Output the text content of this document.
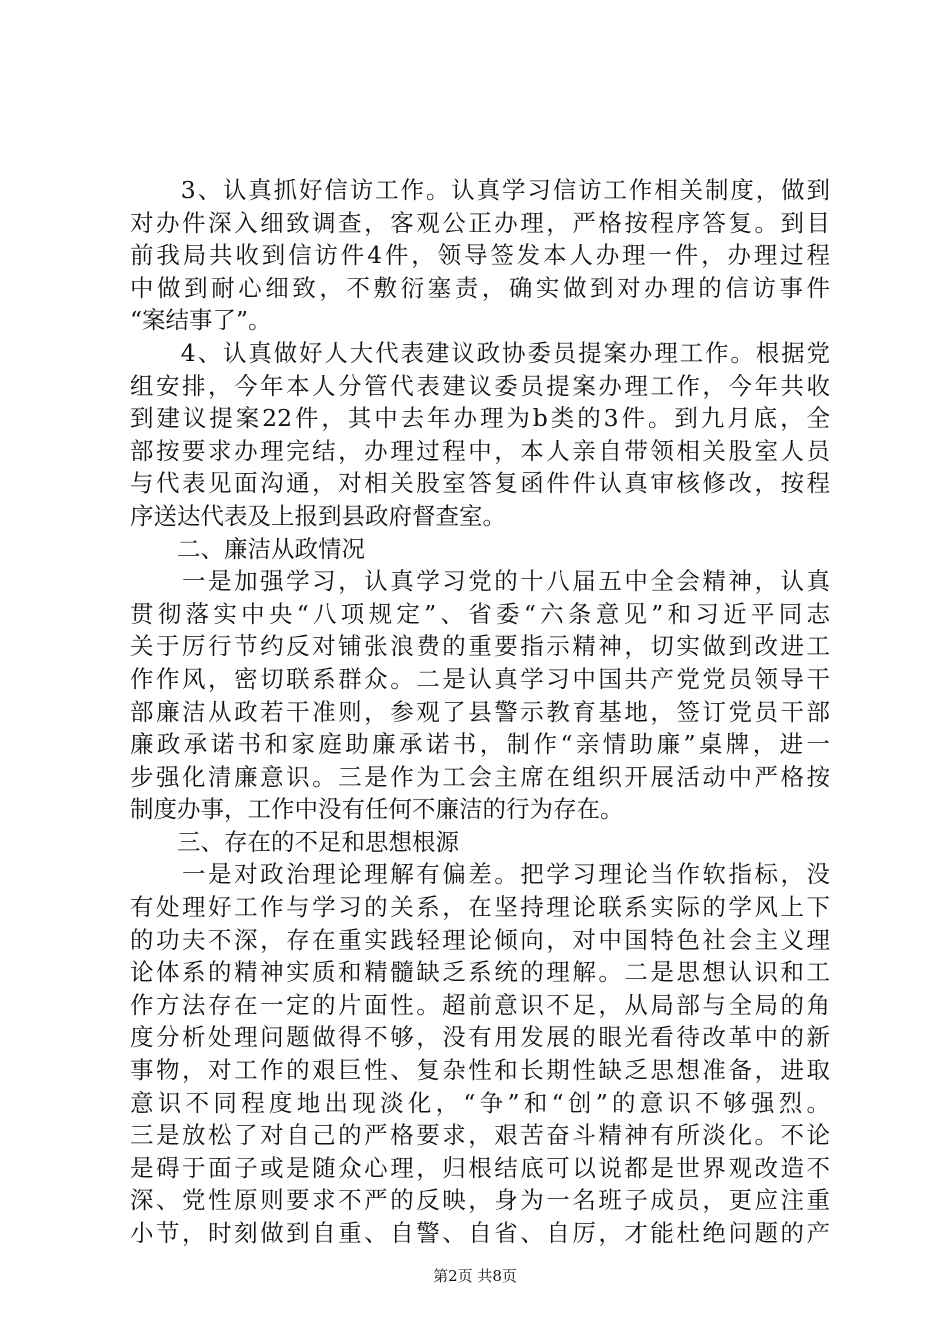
　　3、认真抓好信访工作。认真学习信访工作相关制度，做到
对办件深入细致调查，客观公正办理，严格按程序答复。到目
前我局共收到信访件4件，领导签发本人办理一件，办理过程
中做到耐心细致，不敷衍塞责，确实做到对办理的信访事件
“案结事了”。
　　4、认真做好人大代表建议政协委员提案办理工作。根据党
组安排，今年本人分管代表建议委员提案办理工作，今年共收
到建议提案22件，其中去年办理为b类的3件。到九月底，全
部按要求办理完结，办理过程中，本人亲自带领相关股室人员
与代表见面沟通，对相关股室答复函件件认真审核修改，按程
序送达代表及上报到县政府督查室。
　　二、廉洁从政情况
　　一是加强学习，认真学习党的十八届五中全会精神，认真
贯彻落实中央“八项规定”、省委“六条意见”和习近平同志
关于厉行节约反对铺张浪费的重要指示精神，切实做到改进工
作作风，密切联系群众。二是认真学习中国共产党党员领导干
部廉洁从政若干准则，参观了县警示教育基地，签订党员干部
廉政承诺书和家庭助廉承诺书，制作“亲情助廉”桌牌，进一
步强化清廉意识。三是作为工会主席在组织开展活动中严格按
制度办事，工作中没有任何不廉洁的行为存在。
　　三、存在的不足和思想根源
　　一是对政治理论理解有偏差。把学习理论当作软指标，没
有处理好工作与学习的关系，在坚持理论联系实际的学风上下
的功夫不深，存在重实践轻理论倾向，对中国特色社会主义理
论体系的精神实质和精髓缺乏系统的理解。二是思想认识和工
作方法存在一定的片面性。超前意识不足，从局部与全局的角
度分析处理问题做得不够，没有用发展的眼光看待改革中的新
事物，对工作的艰巨性、复杂性和长期性缺乏思想准备，进取
意识不同程度地出现淡化，“争”和“创”的意识不够强烈。
三是放松了对自己的严格要求，艰苦奋斗精神有所淡化。不论
是碍于面子或是随众心理，归根结底可以说都是世界观改造不
深、党性原则要求不严的反映，身为一名班子成员，更应注重
小节，时刻做到自重、自警、自省、自厉，才能杜绝问题的产
第2页 共8页
